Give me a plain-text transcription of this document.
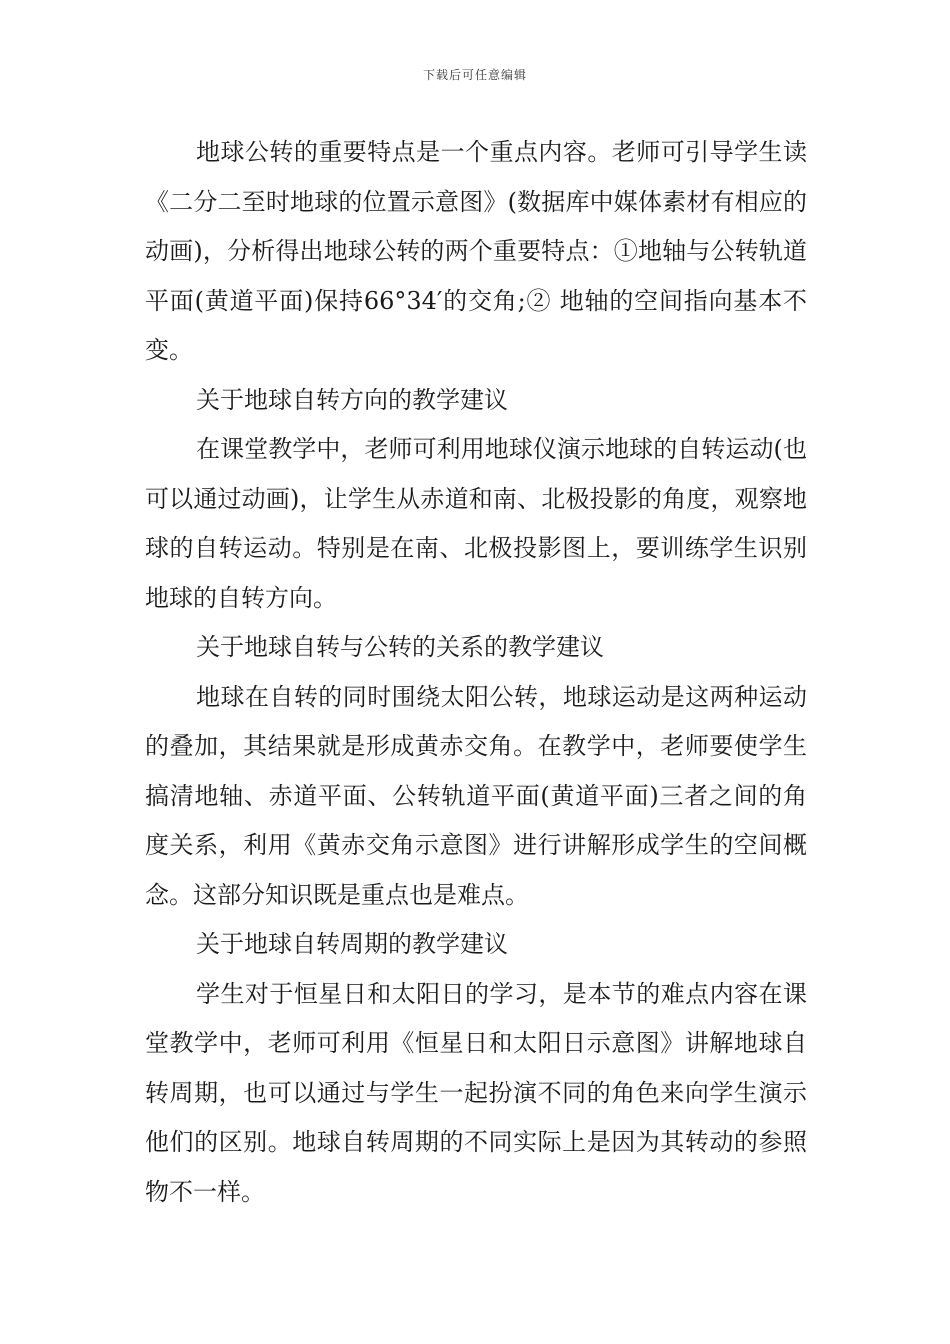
下载后可任意编辑

地球公转的重要特点是一个重点内容。老师可引导学生读《二分二至时地球的位置示意图》(数据库中媒体素材有相应的动画)，分析得出地球公转的两个重要特点：①地轴与公转轨道平面(黄道平面)保持66°34′的交角;② 地轴的空间指向基本不变。

关于地球自转方向的教学建议

在课堂教学中，老师可利用地球仪演示地球的自转运动(也可以通过动画)，让学生从赤道和南、北极投影的角度，观察地球的自转运动。特别是在南、北极投影图上，要训练学生识别地球的自转方向。

关于地球自转与公转的关系的教学建议

地球在自转的同时围绕太阳公转，地球运动是这两种运动的叠加，其结果就是形成黄赤交角。在教学中，老师要使学生搞清地轴、赤道平面、公转轨道平面(黄道平面)三者之间的角度关系，利用《黄赤交角示意图》进行讲解形成学生的空间概念。这部分知识既是重点也是难点。

关于地球自转周期的教学建议

学生对于恒星日和太阳日的学习，是本节的难点内容在课堂教学中，老师可利用《恒星日和太阳日示意图》讲解地球自转周期，也可以通过与学生一起扮演不同的角色来向学生演示他们的区别。地球自转周期的不同实际上是因为其转动的参照物不一样。
